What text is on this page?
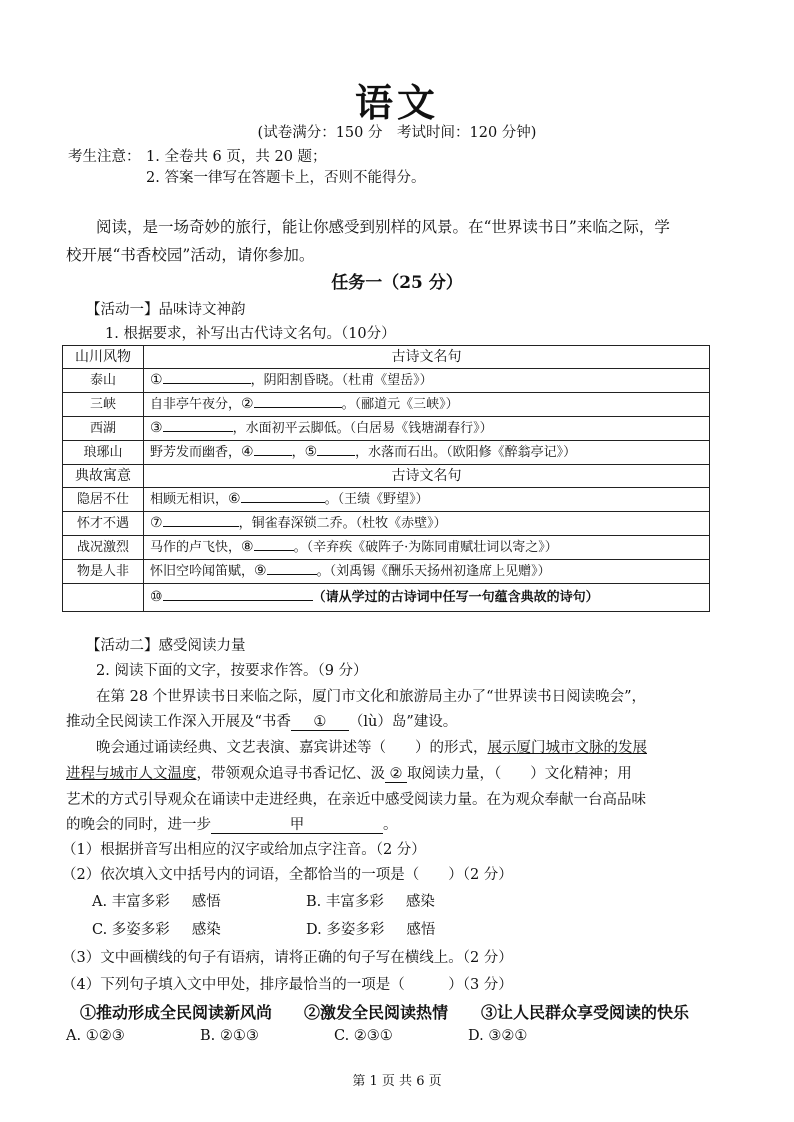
语文
(试卷满分：150 分　考试时间：120 分钟)
考生注意： 1. 全卷共 6 页，共 20 题；
2. 答案一律写在答题卡上，否则不能得分。
阅读，是一场奇妙的旅行，能让你感受到别样的风景。在“世界读书日”来临之际，学
校开展“书香校园”活动，请你参加。
任务一（25 分）
【活动一】品味诗文神韵
1. 根据要求，补写出古代诗文名句。（10分）
山川风物	古诗文名句
泰山	① ，阴阳割昏晓。（杜甫《望岳》）
三峡	自非亭午夜分，② 。（郦道元《三峡》）
西湖	③ ，水面初平云脚低。（白居易《钱塘湖春行》）
琅琊山	野芳发而幽香，④ ，⑤ ，水落而石出。（欧阳修《醉翁亭记》）
典故寓意	古诗文名句
隐居不仕	相顾无相识，⑥ 。（王绩《野望》）
怀才不遇	⑦ ，铜雀春深锁二乔。（杜牧《赤壁》）
战况激烈	马作的卢飞快，⑧ 。（辛弃疾《破阵子·为陈同甫赋壮词以寄之》）
物是人非	怀旧空吟闻笛赋，⑨ 。（刘禹锡《酬乐天扬州初逢席上见赠》）
	⑩ （请从学过的古诗词中任写一句蕴含典故的诗句）
【活动二】感受阅读力量
2. 阅读下面的文字，按要求作答。（9 分）
在第 28 个世界读书日来临之际，厦门市文化和旅游局主办了“世界读书日阅读晚会”，
推动全民阅读工作深入开展及“书香 ① （lù）岛”建设。
晚会通过诵读经典、文艺表演、嘉宾讲述等（　　）的形式，展示厦门城市文脉的发展
进程与城市人文温度，带领观众追寻书香记忆、汲 ② 取阅读力量，（　　）文化精神；用
艺术的方式引导观众在诵读中走进经典，在亲近中感受阅读力量。在为观众奉献一台高品味
的晚会的同时，进一步	甲	。
（1）根据拼音写出相应的汉字或给加点字注音。（2 分）
（2）依次填入文中括号内的词语，全都恰当的一项是（　　）（2 分）
A. 丰富多彩 感悟	B. 丰富多彩 感染
C. 多姿多彩 感染	D. 多姿多彩 感悟
（3）文中画横线的句子有语病，请将正确的句子写在横线上。（2 分）
（4）下列句子填入文中甲处，排序最恰当的一项是（　　　）（3 分）
①推动形成全民阅读新风尚 ②激发全民阅读热情 ③让人民群众享受阅读的快乐
A. ①②③	B. ②①③	C. ②③①	D. ③②①
第 1 页 共 6 页
